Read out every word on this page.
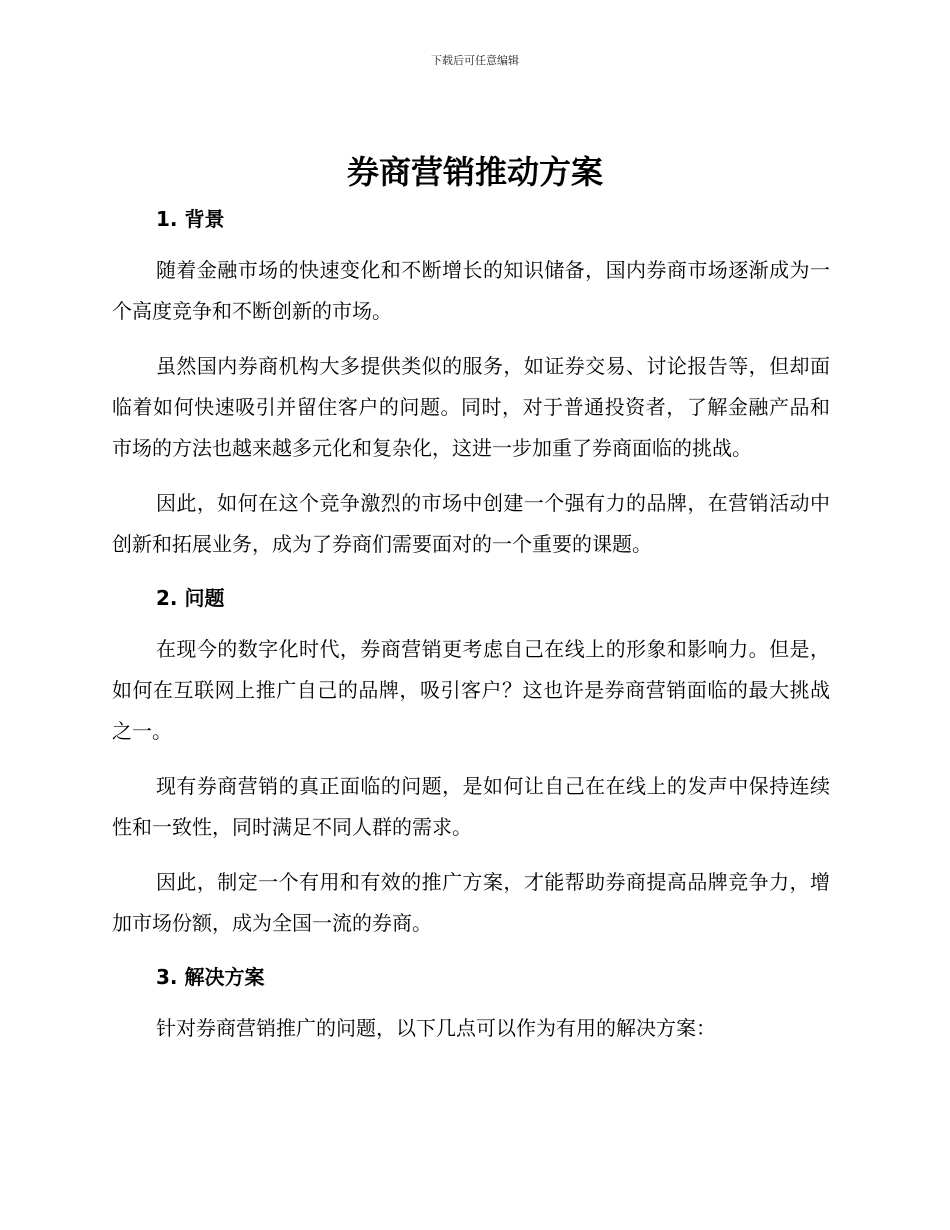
下载后可任意编辑
券商营销推动方案
1. 背景

随着金融市场的快速变化和不断增长的知识储备，国内券商市场逐渐成为一个高度竞争和不断创新的市场。

虽然国内券商机构大多提供类似的服务，如证券交易、讨论报告等，但却面临着如何快速吸引并留住客户的问题。同时，对于普通投资者，了解金融产品和市场的方法也越来越多元化和复杂化，这进一步加重了券商面临的挑战。

因此，如何在这个竞争激烈的市场中创建一个强有力的品牌，在营销活动中创新和拓展业务，成为了券商们需要面对的一个重要的课题。

2. 问题

在现今的数字化时代，券商营销更考虑自己在线上的形象和影响力。但是，如何在互联网上推广自己的品牌，吸引客户？这也许是券商营销面临的最大挑战之一。

现有券商营销的真正面临的问题，是如何让自己在在线上的发声中保持连续性和一致性，同时满足不同人群的需求。

因此，制定一个有用和有效的推广方案，才能帮助券商提高品牌竞争力，增加市场份额，成为全国一流的券商。

3. 解决方案

针对券商营销推广的问题，以下几点可以作为有用的解决方案：
